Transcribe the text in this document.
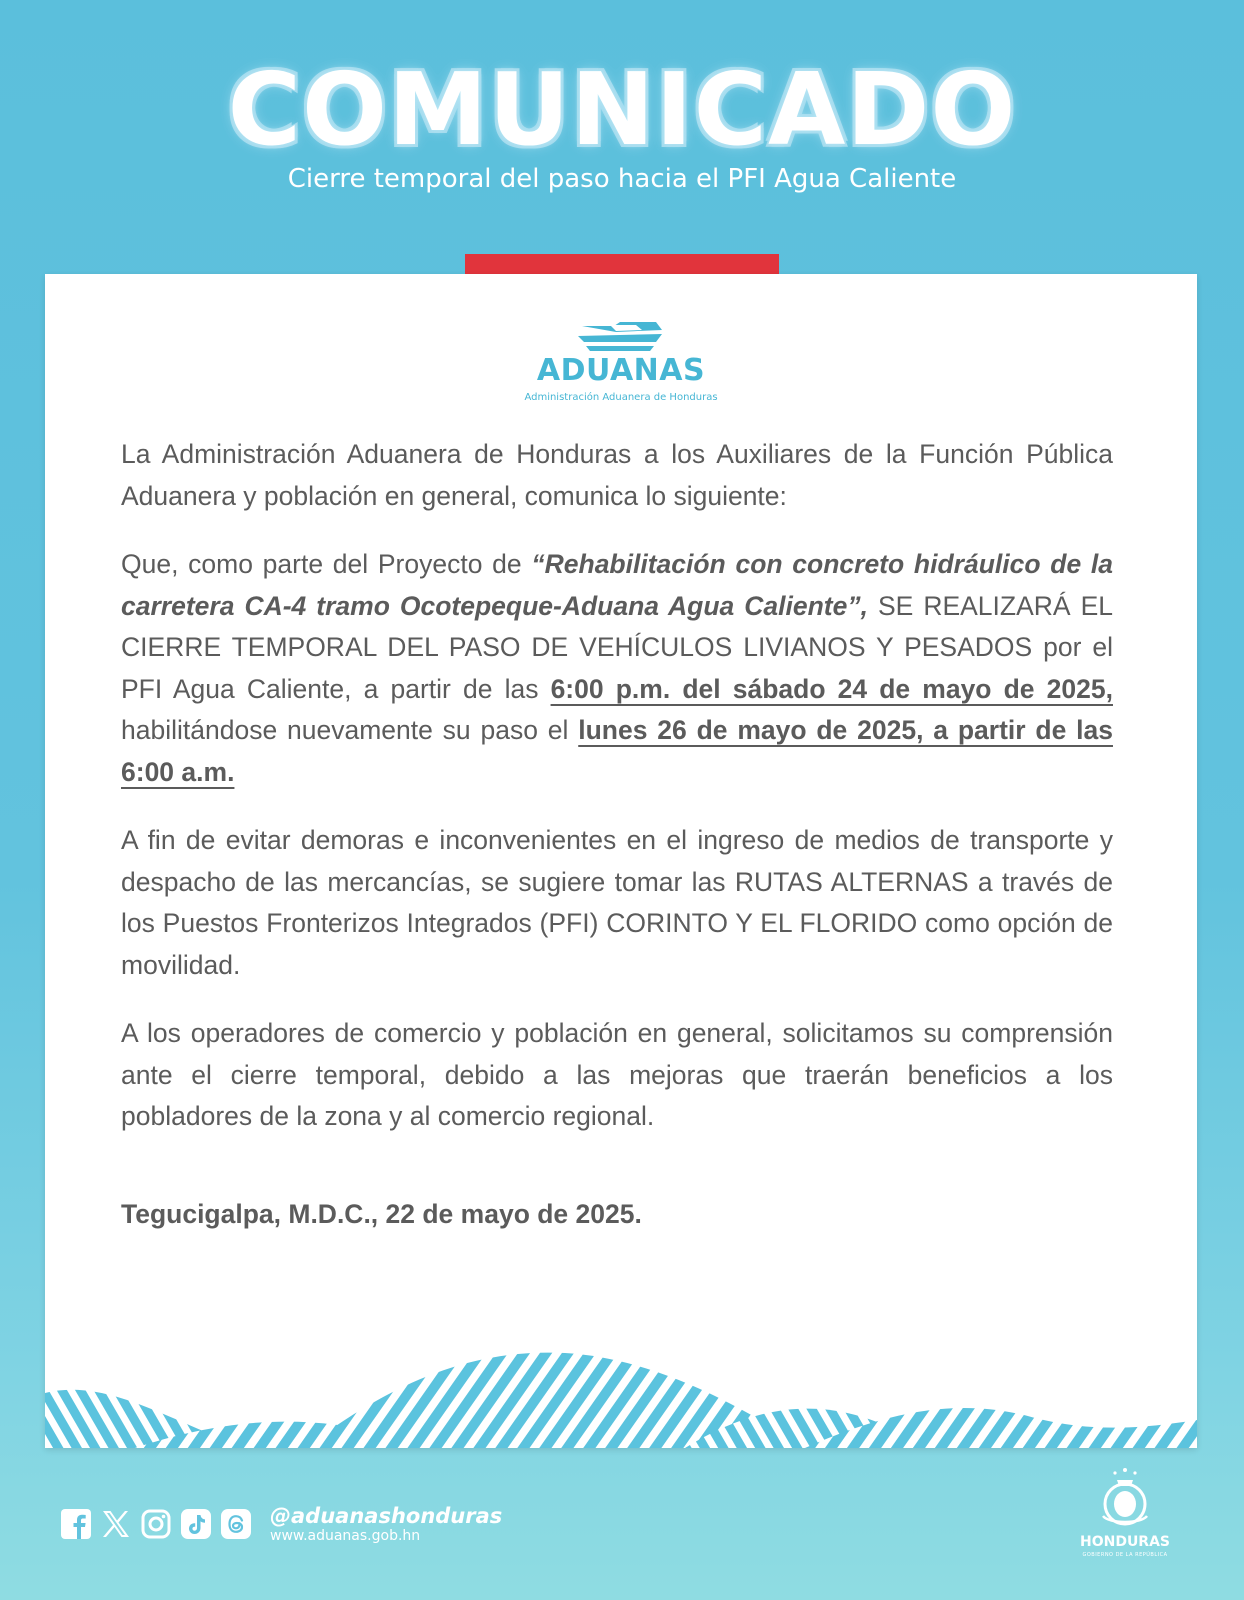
COMUNICADO
Cierre temporal del paso hacia el PFI Agua Caliente
ADUANAS
Administración Aduanera de Honduras

La Administración Aduanera de Honduras a los Auxiliares de la Función Pública Aduanera y población en general, comunica lo siguiente:

Que, como parte del Proyecto de “Rehabilitación con concreto hidráulico de la carretera CA-4 tramo Ocotepeque-Aduana Agua Caliente”, SE REALIZARÁ EL CIERRE TEMPORAL DEL PASO DE VEHÍCULOS LIVIANOS Y PESADOS por el PFI Agua Caliente, a partir de las 6:00 p.m. del sábado 24 de mayo de 2025, habilitándose nuevamente su paso el lunes 26 de mayo de 2025, a partir de las 6:00 a.m.

A fin de evitar demoras e inconvenientes en el ingreso de medios de transporte y despacho de las mercancías, se sugiere tomar las RUTAS ALTERNAS a través de los Puestos Fronterizos Integrados (PFI) CORINTO Y EL FLORIDO como opción de movilidad.

A los operadores de comercio y población en general, solicitamos su comprensión ante el cierre temporal, debido a las mejoras que traerán beneficios a los pobladores de la zona y al comercio regional.

Tegucigalpa, M.D.C., 22 de mayo de 2025.
@aduanashonduras
www.aduanas.gob.hn	HONDURAS
GOBIERNO DE LA REPÚBLICA
